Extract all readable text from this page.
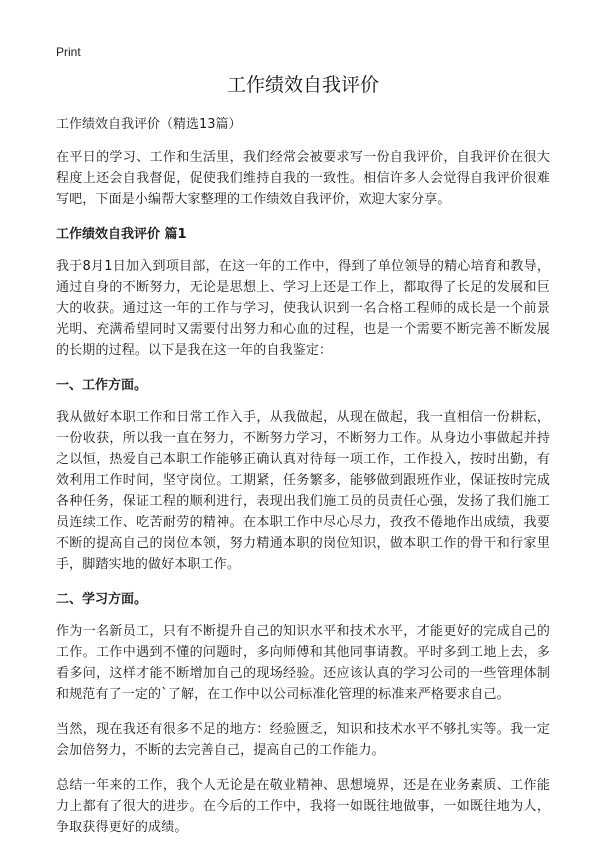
Print
工作绩效自我评价
工作绩效自我评价（精选13篇）

在平日的学习、工作和生活里，我们经常会被要求写一份自我评价，自我评价在很大程度上还会自我督促，促使我们维持自我的一致性。相信许多人会觉得自我评价很难写吧，下面是小编帮大家整理的工作绩效自我评价，欢迎大家分享。

工作绩效自我评价 篇1

我于8月1日加入到项目部，在这一年的工作中，得到了单位领导的精心培育和教导，通过自身的不断努力，无论是思想上、学习上还是工作上，都取得了长足的发展和巨大的收获。通过这一年的工作与学习，使我认识到一名合格工程师的成长是一个前景光明、充满希望同时又需要付出努力和心血的过程，也是一个需要不断完善不断发展的长期的过程。以下是我在这一年的自我鉴定：

一、工作方面。

我从做好本职工作和日常工作入手，从我做起，从现在做起，我一直相信一份耕耘，一份收获，所以我一直在努力，不断努力学习，不断努力工作。从身边小事做起并持之以恒，热爱自己本职工作能够正确认真对待每一项工作，工作投入，按时出勤，有效利用工作时间，坚守岗位。工期紧，任务繁多，能够做到跟班作业，保证按时完成各种任务，保证工程的顺利进行，表现出我们施工员的员责任心强，发扬了我们施工员连续工作、吃苦耐劳的精神。在本职工作中尽心尽力，孜孜不倦地作出成绩，我要不断的提高自己的岗位本领，努力精通本职的岗位知识，做本职工作的骨干和行家里手，脚踏实地的做好本职工作。

二、学习方面。

作为一名新员工，只有不断提升自己的知识水平和技术水平，才能更好的完成自己的工作。工作中遇到不懂的问题时，多向师傅和其他同事请教。平时多到工地上去，多看多问，这样才能不断增加自己的现场经验。还应该认真的学习公司的一些管理体制和规范有了一定的`了解，在工作中以公司标准化管理的标准来严格要求自己。

当然，现在我还有很多不足的地方：经验匮乏，知识和技术水平不够扎实等。我一定会加倍努力，不断的去完善自己，提高自己的工作能力。

总结一年来的工作，我个人无论是在敬业精神、思想境界，还是在业务素质、工作能力上都有了很大的进步。在今后的工作中，我将一如既往地做事，一如既往地为人，争取获得更好的成绩。
